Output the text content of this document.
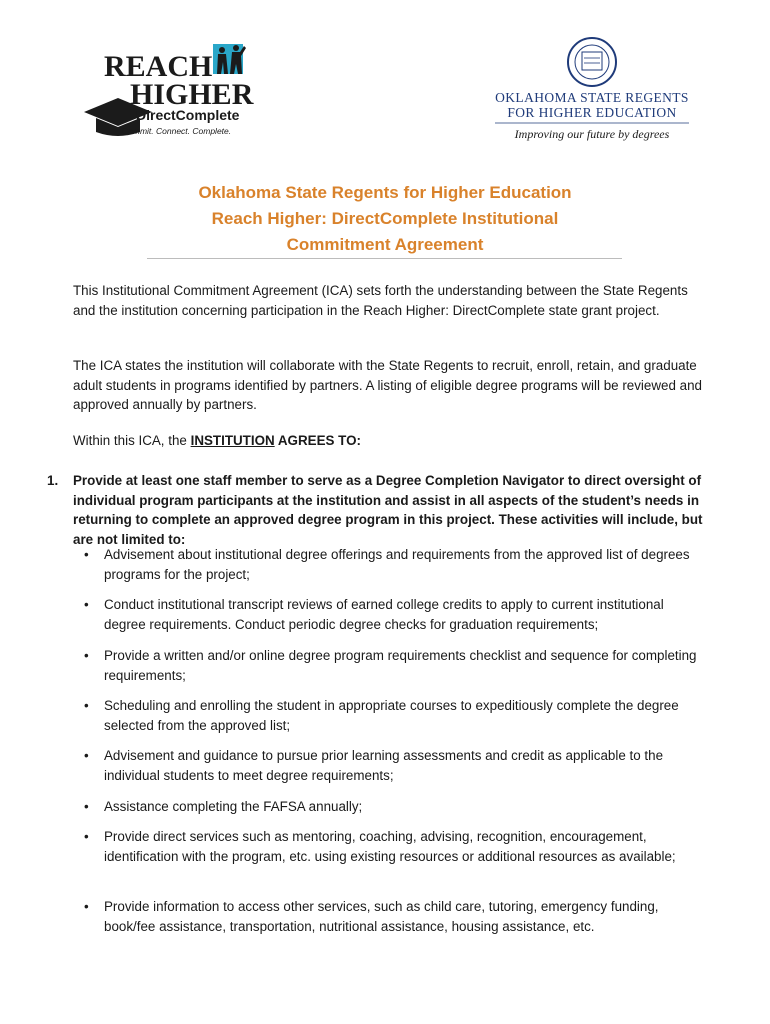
REACH
HIGHER
DirectComplete
Commit. Connect. Complete.
OKLAHOMA STATE REGENTS
FOR HIGHER EDUCATION
Improving our future by degrees
Oklahoma State Regents for Higher Education
Reach Higher: DirectComplete Institutional
Commitment Agreement
This Institutional Commitment Agreement (ICA) sets forth the understanding between the State Regents and the institution concerning participation in the Reach Higher: DirectComplete state grant project.
The ICA states the institution will collaborate with the State Regents to recruit, enroll, retain, and graduate adult students in programs identified by partners. A listing of eligible degree programs will be reviewed and approved annually by partners.
Within this ICA, the INSTITUTION AGREES TO:
1. Provide at least one staff member to serve as a Degree Completion Navigator to direct oversight of individual program participants at the institution and assist in all aspects of the student’s needs in returning to complete an approved degree program in this project. These activities will include, but are not limited to:
• Advisement about institutional degree offerings and requirements from the approved list of degrees programs for the project;
• Conduct institutional transcript reviews of earned college credits to apply to current institutional degree requirements. Conduct periodic degree checks for graduation requirements;
• Provide a written and/or online degree program requirements checklist and sequence for completing requirements;
• Scheduling and enrolling the student in appropriate courses to expeditiously complete the degree selected from the approved list;
• Advisement and guidance to pursue prior learning assessments and credit as applicable to the individual students to meet degree requirements;
• Assistance completing the FAFSA annually;
• Provide direct services such as mentoring, coaching, advising, recognition, encouragement, identification with the program, etc. using existing resources or additional resources as available;
• Provide information to access other services, such as child care, tutoring, emergency funding, book/fee assistance, transportation, nutritional assistance, housing assistance, etc.
